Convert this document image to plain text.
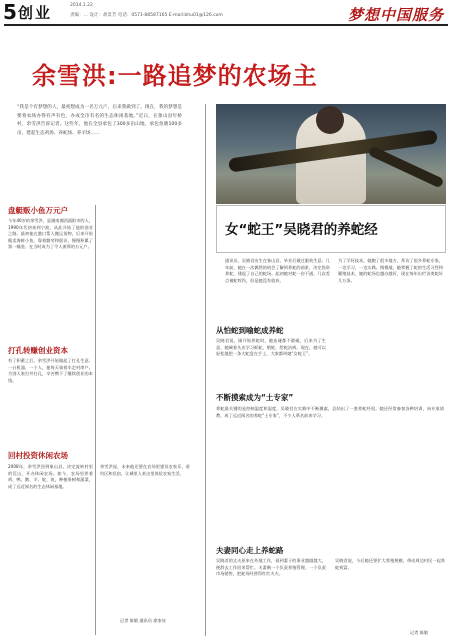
5 创业	2014.1.22
责编：… 设计：胡景芳 电话：0571-88587165 E-mail:bhu01@126.com	梦想中国服务
余雪洪:一路追梦的农场主
“我是个有梦想的人，最初想成为一名万元户，后来我做到了。现在，我的梦想是要将农场办得有声有色，办成全市有名的生态休闲基地。”近日，在象山县年桥村，余雪洪告诉记者。这些年，他在全县承包了300多亩山地，承包鱼塘100多亩，建起生态鸡场、养蛇场、养羊场……
女“蛇王”吴晓君的养蛇经
盘艇贩小鱼万元户
今年46岁的余雪洪，是湖南湘西邵阳市的人，1990年代初来到宁波，从此开始了他的创业之路。最初他在港口帮人搬运货物，后来开始贩卖海鲜小鱼，靠着勤劳和胆识，慢慢积累了第一桶金。在当时成为了令人羡慕的万元户。
打孔转赚创业资本
有了积蓄之后，余雪洪开始做起了打孔生意。一台机器，一个人，他每天骑着车走村串户，为别人家打井打孔，辛苦攒下了继续创业的本钱。
回村投资休闲农场
2008年，余雪洪回到象山县，决定流转村里的荒山，开办休闲农场。如今，农场里养着鸡、鸭、鹅、羊、蛇、鱼，种植果树和蔬菜，成了远近闻名的生态休闲基地。
余雪洪说，未来他还要在农场里建设农家乐、垂钓区和民宿，让城里人来这里体验农家生活。
记者 陈敏 通讯员 俞家亮
通讯员，吴晓君出生在象山县，毕业后做过服装生意。几年前，她在一次偶然的机会了解到养蛇的前景，决定投资养蛇，建起了自己的蛇场。起初她对蛇一窍不通，几次差点被蛇咬伤，但是她没有放弃。
为了学好技术，她跑了很多地方，拜访了很多养蛇专家，一边学习，一边实践。慢慢地，她掌握了蛇的生活习性和繁殖技术，她的蛇场也越办越好，现在每年出栏各类蛇好几万条。
从怕蛇到喻蛇成养蛇
吴晓君说，刚开始养蛇时，她连碰都不敢碰，后来为了生意，她硬着头皮学习抓蛇、喂蛇、给蛇治病。现在，她可以轻松地把一条大蛇盘在手上，大家都叫她“女蛇王”。
不断摸索成为“土专家”
养蛇最关键的是控制温度和湿度，吴晓君在实践中不断摸索，总结出了一套养蛇经验。她还经常参加各种培训，向专家请教，成了远近闻名的养蛇“土专家”，不少人慕名前来学习。
夫妻同心走上养蛇路
吴晓君的丈夫原来在外地工作，看到妻子的事业越做越大，便辞去工作回来帮忙。夫妻俩一个负责养殖管理，一个负责市场销售，把蛇场经营得红红火火。
吴晓君说，今后她还要扩大养殖规模，带动周边村民一起养蛇致富。
记者 陈敏
